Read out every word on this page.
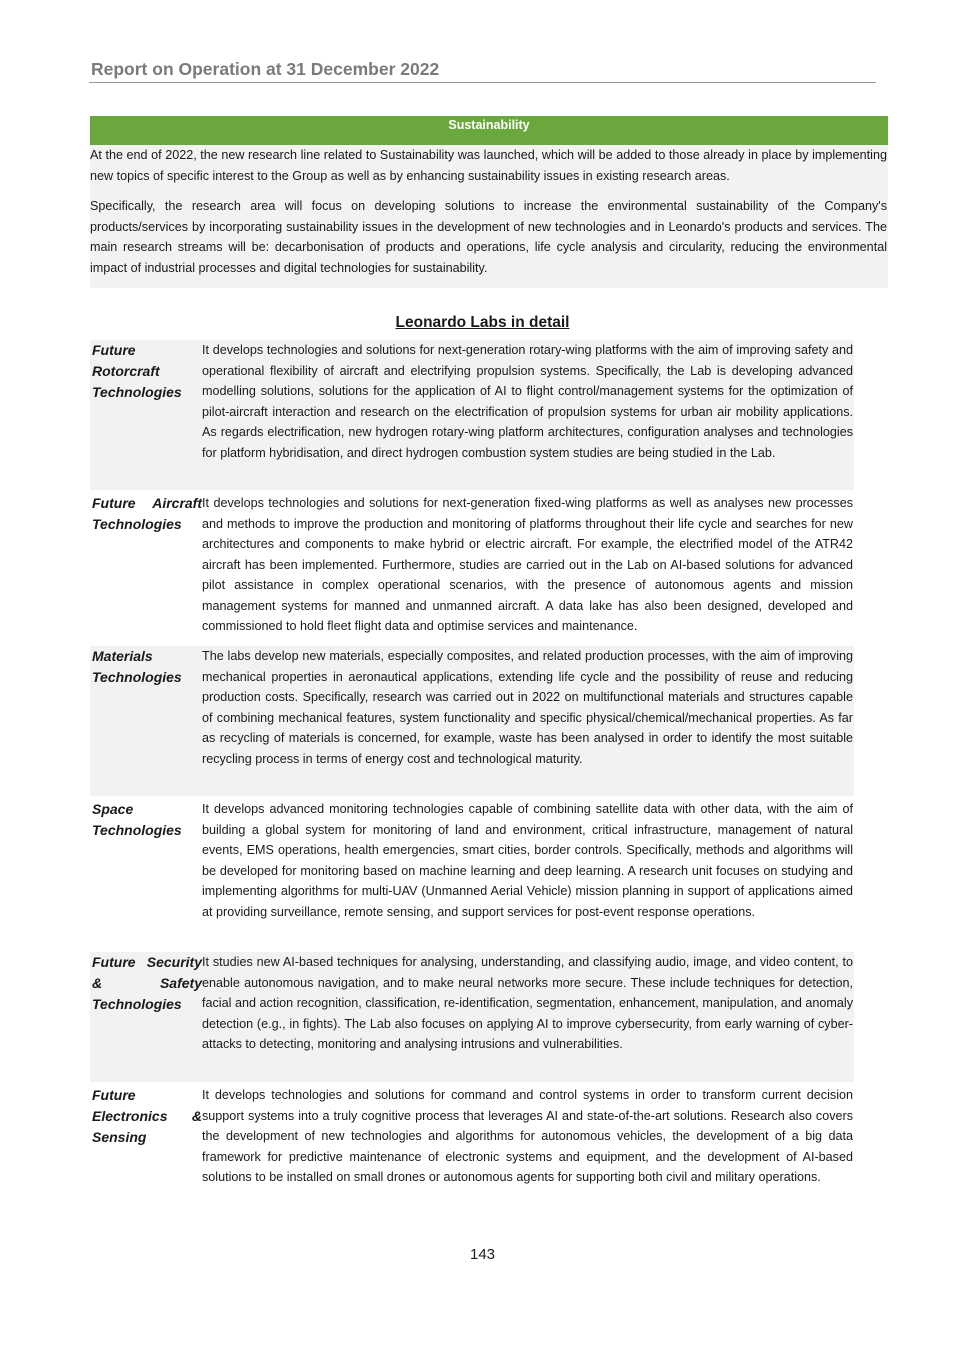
Report on Operation at 31 December 2022
Sustainability

At the end of 2022, the new research line related to Sustainability was launched, which will be added to those already in place by implementing new topics of specific interest to the Group as well as by enhancing sustainability issues in existing research areas.

Specifically, the research area will focus on developing solutions to increase the environmental sustainability of the Company's products/services by incorporating sustainability issues in the development of new technologies and in Leonardo's products and services. The main research streams will be: decarbonisation of products and operations, life cycle analysis and circularity, reducing the environmental impact of industrial processes and digital technologies for sustainability.

Leonardo Labs in detail
Future Rotorcraft Technologies
It develops technologies and solutions for next-generation rotary-wing platforms with the aim of improving safety and operational flexibility of aircraft and electrifying propulsion systems. Specifically, the Lab is developing advanced modelling solutions, solutions for the application of AI to flight control/management systems for the optimization of pilot-aircraft interaction and research on the electrification of propulsion systems for urban air mobility applications. As regards electrification, new hydrogen rotary-wing platform architectures, configuration analyses and technologies for platform hybridisation, and direct hydrogen combustion system studies are being studied in the Lab.
Future Aircraft Technologies
It develops technologies and solutions for next-generation fixed-wing platforms as well as analyses new processes and methods to improve the production and monitoring of platforms throughout their life cycle and searches for new architectures and components to make hybrid or electric aircraft. For example, the electrified model of the ATR42 aircraft has been implemented. Furthermore, studies are carried out in the Lab on AI-based solutions for advanced pilot assistance in complex operational scenarios, with the presence of autonomous agents and mission management systems for manned and unmanned aircraft. A data lake has also been designed, developed and commissioned to hold fleet flight data and optimise services and maintenance.
Materials Technologies
The labs develop new materials, especially composites, and related production processes, with the aim of improving mechanical properties in aeronautical applications, extending life cycle and the possibility of reuse and reducing production costs. Specifically, research was carried out in 2022 on multifunctional materials and structures capable of combining mechanical features, system functionality and specific physical/chemical/mechanical properties. As far as recycling of materials is concerned, for example, waste has been analysed in order to identify the most suitable recycling process in terms of energy cost and technological maturity.
Space Technologies
It develops advanced monitoring technologies capable of combining satellite data with other data, with the aim of building a global system for monitoring of land and environment, critical infrastructure, management of natural events, EMS operations, health emergencies, smart cities, border controls. Specifically, methods and algorithms will be developed for monitoring based on machine learning and deep learning. A research unit focuses on studying and implementing algorithms for multi-UAV (Unmanned Aerial Vehicle) mission planning in support of applications aimed at providing surveillance, remote sensing, and support services for post-event response operations.
Future Security & Safety Technologies
It studies new AI-based techniques for analysing, understanding, and classifying audio, image, and video content, to enable autonomous navigation, and to make neural networks more secure. These include techniques for detection, facial and action recognition, classification, re-identification, segmentation, enhancement, manipulation, and anomaly detection (e.g., in fights). The Lab also focuses on applying AI to improve cybersecurity, from early warning of cyber-attacks to detecting, monitoring and analysing intrusions and vulnerabilities.
Future Electronics & Sensing
It develops technologies and solutions for command and control systems in order to transform current decision support systems into a truly cognitive process that leverages AI and state-of-the-art solutions. Research also covers the development of new technologies and algorithms for autonomous vehicles, the development of a big data framework for predictive maintenance of electronic systems and equipment, and the development of AI-based solutions to be installed on small drones or autonomous agents for supporting both civil and military operations.
143
